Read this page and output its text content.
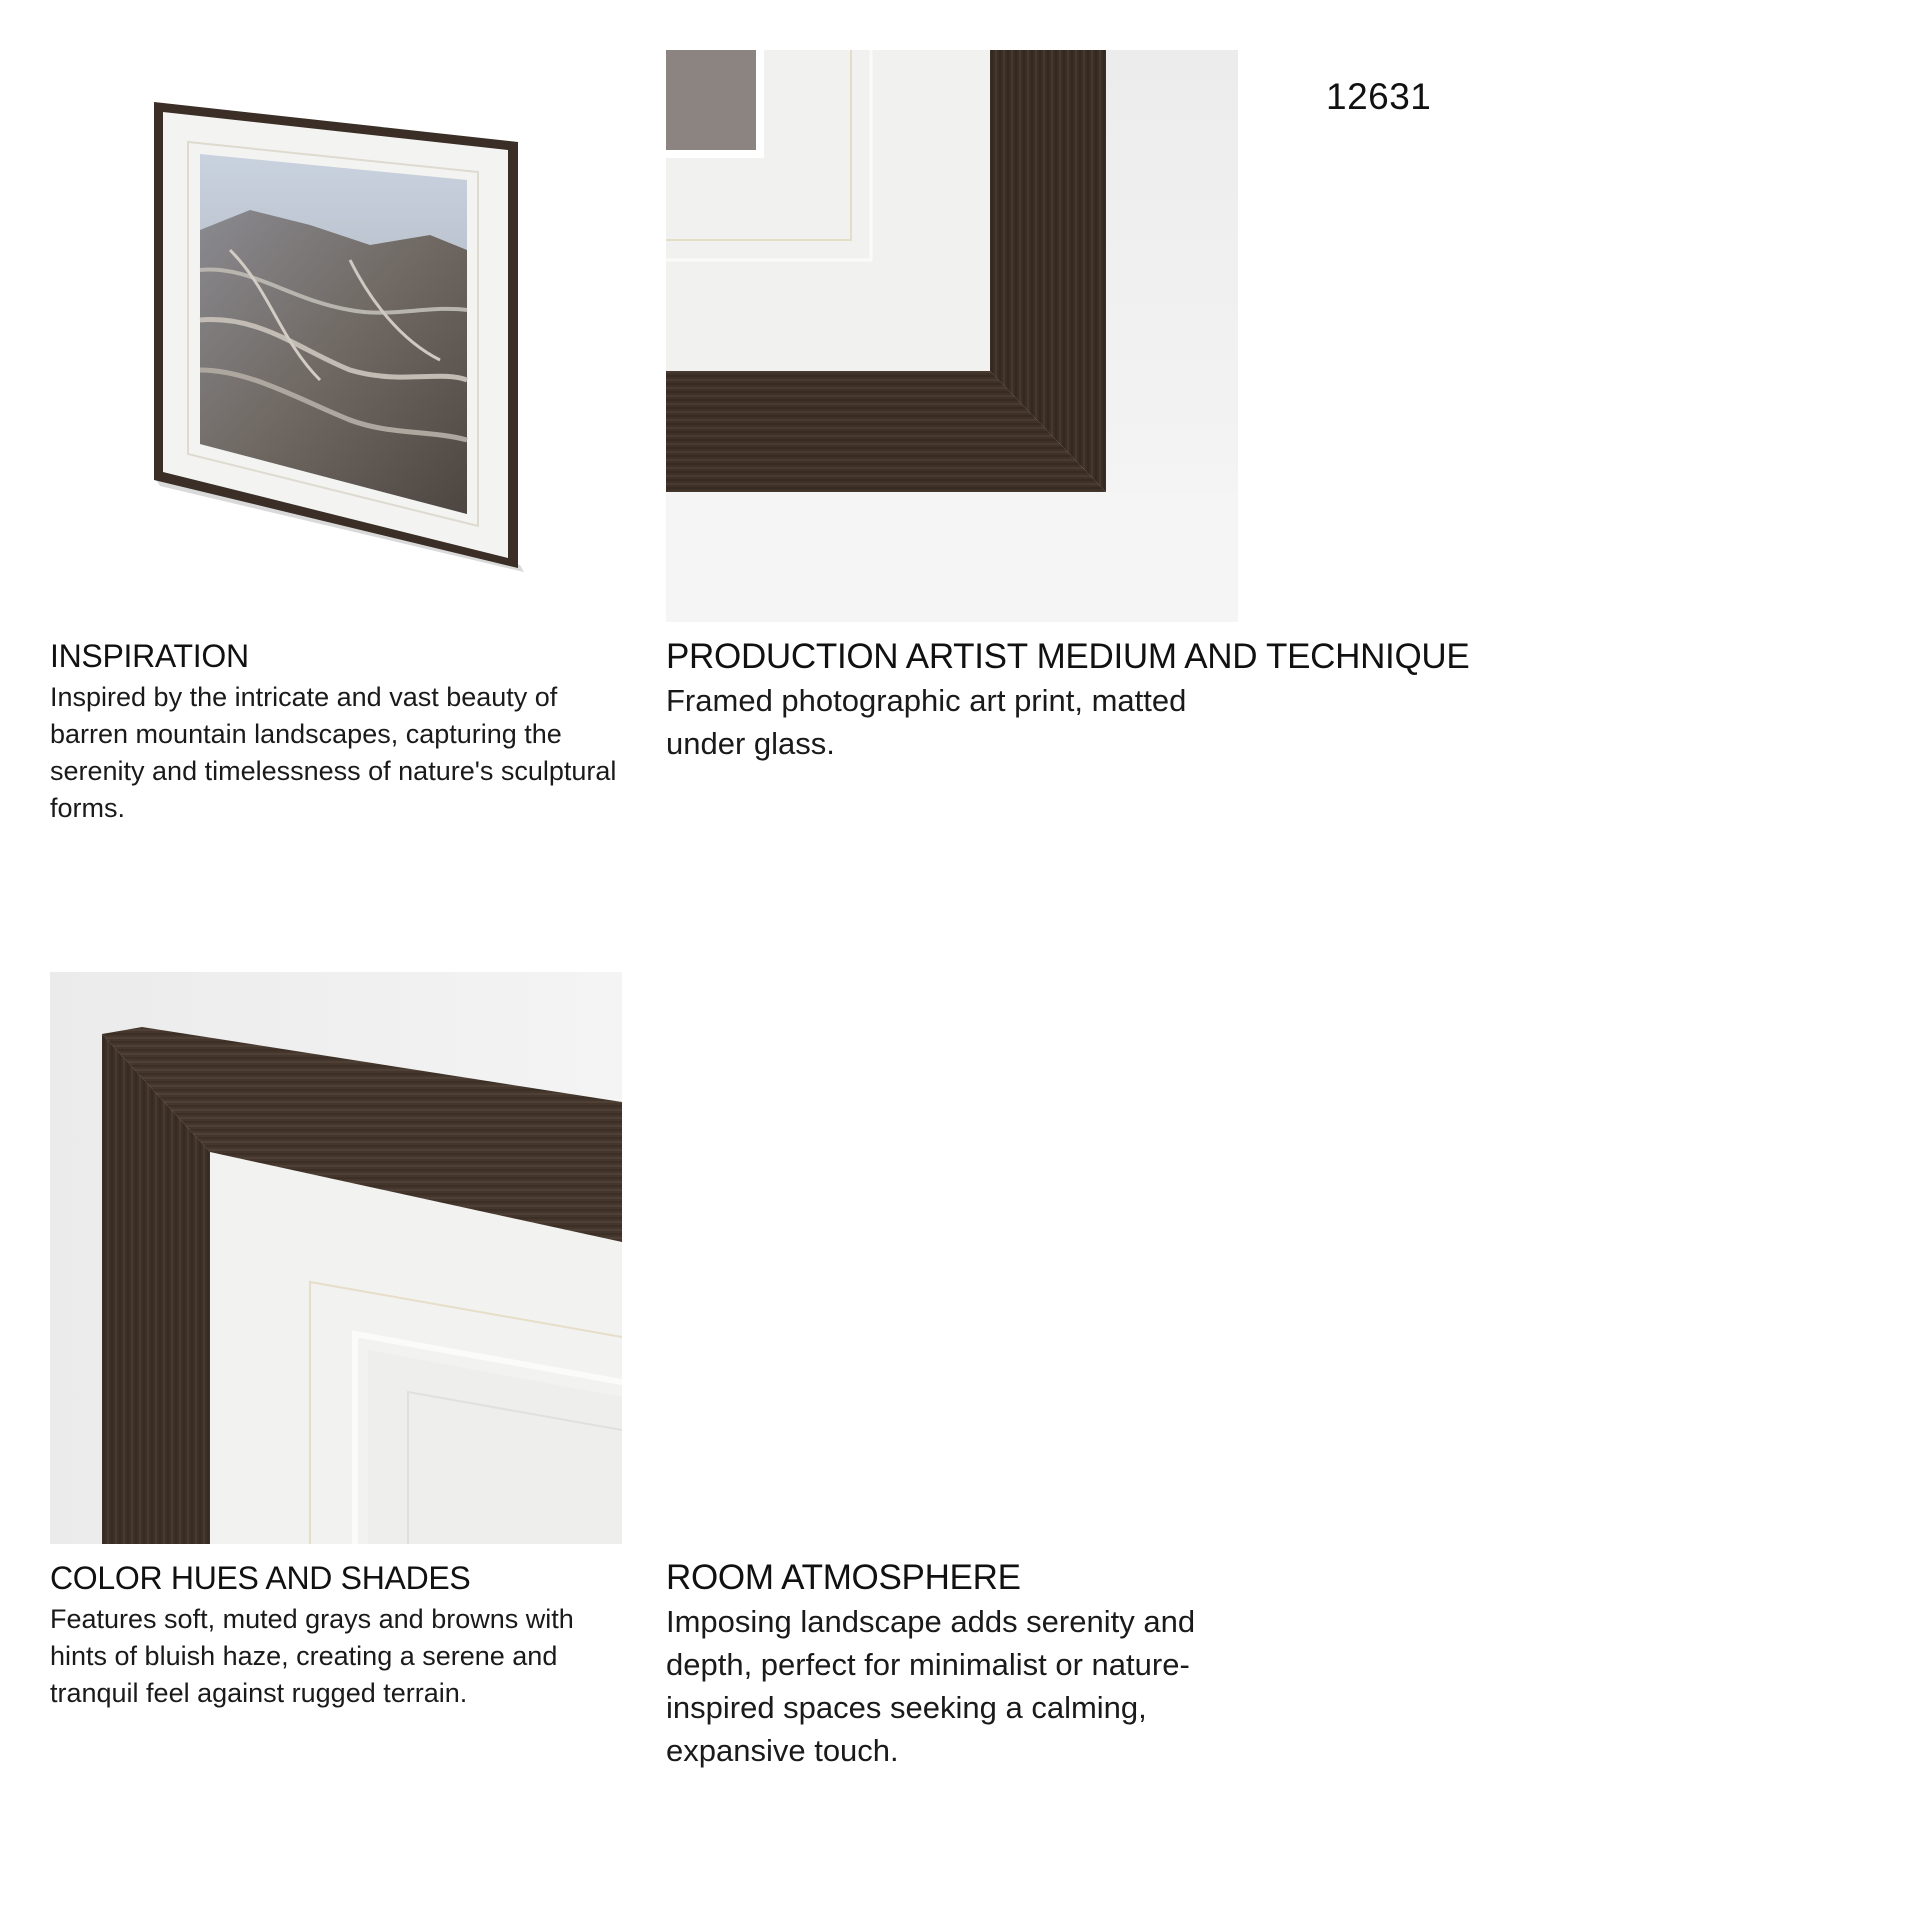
12631
INSPIRATION

Inspired by the intricate and vast beauty of barren mountain landscapes, capturing the serenity and timelessness of nature's sculptural forms.

PRODUCTION ARTIST MEDIUM AND TECHNIQUE

Framed photographic art print, matted under glass.

COLOR HUES AND SHADES

Features soft, muted grays and browns with hints of bluish haze, creating a serene and tranquil feel against rugged terrain.

ROOM ATMOSPHERE

Imposing landscape adds serenity and depth, perfect for minimalist or nature-inspired spaces seeking a calming, expansive touch.
